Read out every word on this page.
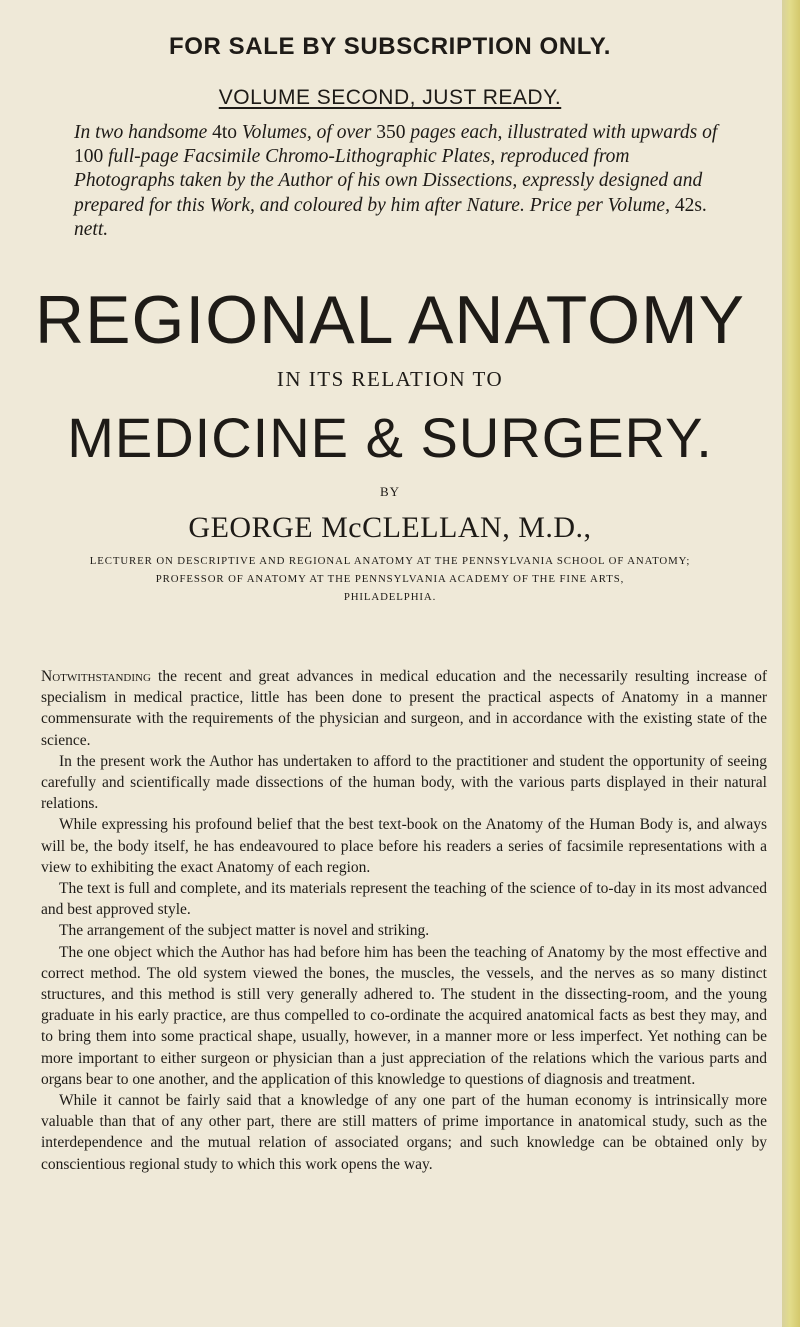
FOR SALE BY SUBSCRIPTION ONLY.
VOLUME SECOND, JUST READY.
In two handsome 4to Volumes, of over 350 pages each, illustrated with upwards of 100 full-page Facsimile Chromo-Lithographic Plates, reproduced from Photographs taken by the Author of his own Dissections, expressly designed and prepared for this Work, and coloured by him after Nature. Price per Volume, 42s. nett.
REGIONAL ANATOMY
IN ITS RELATION TO
MEDICINE & SURGERY.
BY
GEORGE McCLELLAN, M.D.,
LECTURER ON DESCRIPTIVE AND REGIONAL ANATOMY AT THE PENNSYLVANIA SCHOOL OF ANATOMY;
PROFESSOR OF ANATOMY AT THE PENNSYLVANIA ACADEMY OF THE FINE ARTS,
PHILADELPHIA.

Notwithstanding the recent and great advances in medical education and the necessarily resulting increase of specialism in medical practice, little has been done to present the practical aspects of Anatomy in a manner commensurate with the requirements of the physician and surgeon, and in accordance with the existing state of the science.

In the present work the Author has undertaken to afford to the practitioner and student the opportunity of seeing carefully and scientifically made dissections of the human body, with the various parts displayed in their natural relations.

While expressing his profound belief that the best text-book on the Anatomy of the Human Body is, and always will be, the body itself, he has endeavoured to place before his readers a series of facsimile representations with a view to exhibiting the exact Anatomy of each region.

The text is full and complete, and its materials represent the teaching of the science of to-day in its most advanced and best approved style.

The arrangement of the subject matter is novel and striking.

The one object which the Author has had before him has been the teaching of Anatomy by the most effective and correct method. The old system viewed the bones, the muscles, the vessels, and the nerves as so many distinct structures, and this method is still very generally adhered to. The student in the dissecting-room, and the young graduate in his early practice, are thus compelled to co-ordinate the acquired anatomical facts as best they may, and to bring them into some practical shape, usually, however, in a manner more or less imperfect. Yet nothing can be more important to either surgeon or physician than a just appreciation of the relations which the various parts and organs bear to one another, and the application of this knowledge to questions of diagnosis and treatment.

While it cannot be fairly said that a knowledge of any one part of the human economy is intrinsically more valuable than that of any other part, there are still matters of prime importance in anatomical study, such as the interdependence and the mutual relation of associated organs; and such knowledge can be obtained only by conscientious regional study to which this work opens the way.
